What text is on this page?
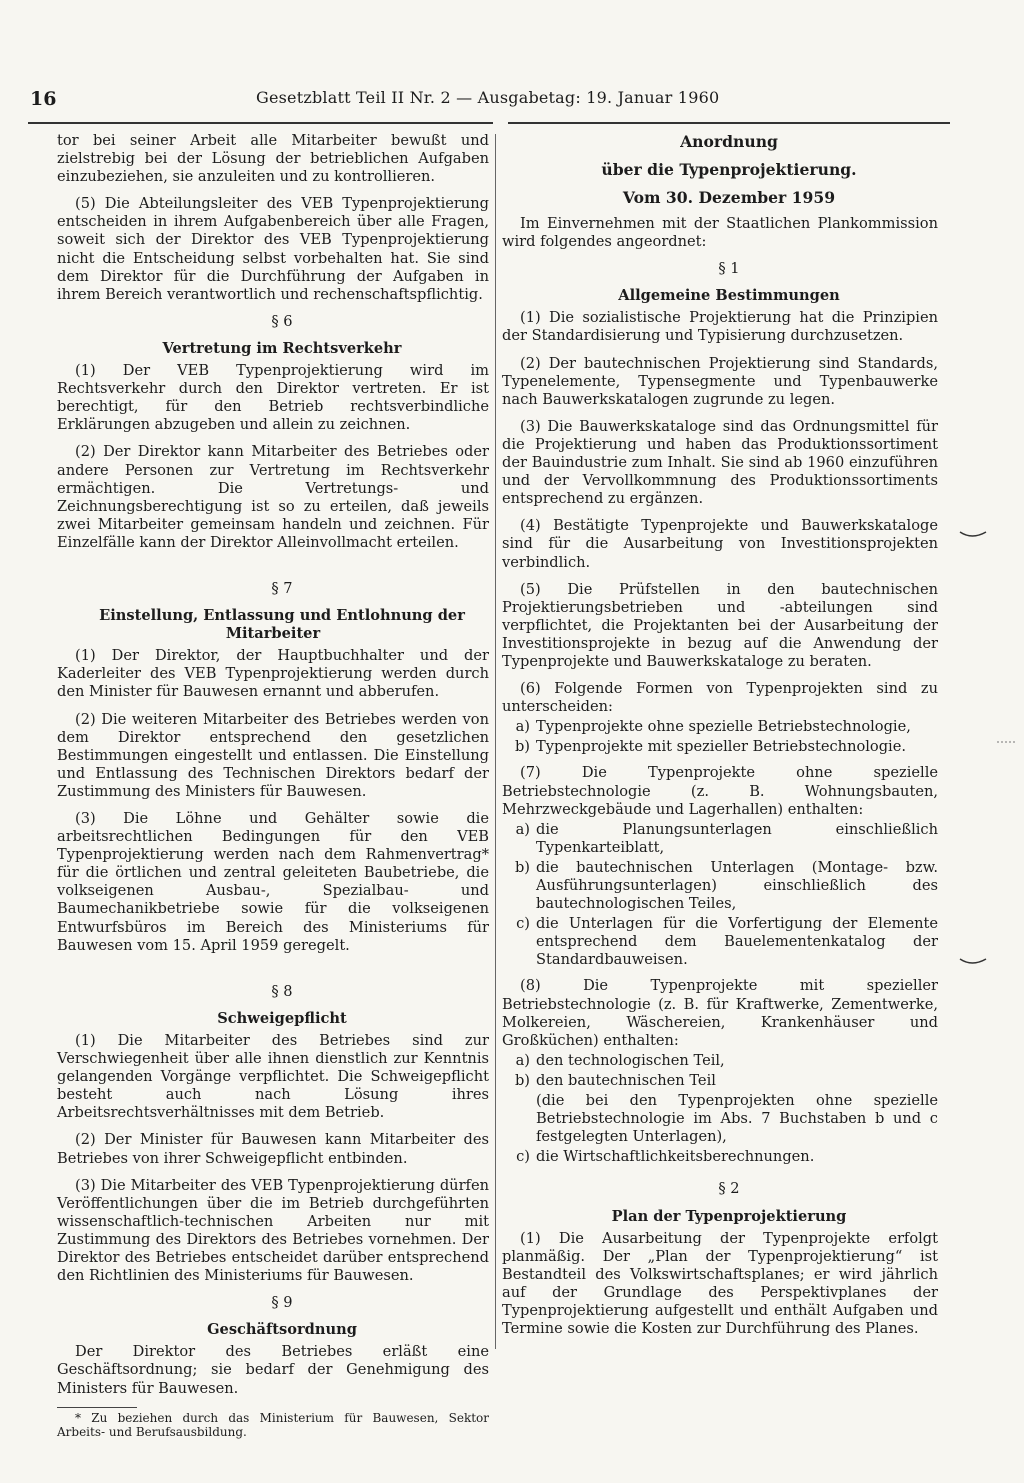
16	Gesetzblatt Teil II Nr. 2 — Ausgabetag: 19. Januar 1960

tor bei seiner Arbeit alle Mitarbeiter bewußt und zielstrebig bei der Lösung der betrieblichen Aufgaben einzubeziehen, sie anzuleiten und zu kontrollieren.

(5) Die Abteilungsleiter des VEB Typenprojektierung entscheiden in ihrem Aufgabenbereich über alle Fragen, soweit sich der Direktor des VEB Typenprojektierung nicht die Entscheidung selbst vorbehalten hat. Sie sind dem Direktor für die Durchführung der Aufgaben in ihrem Bereich verantwortlich und rechenschaftspflichtig.

§ 6

Vertretung im Rechtsverkehr

(1) Der VEB Typenprojektierung wird im Rechtsverkehr durch den Direktor vertreten. Er ist berechtigt, für den Betrieb rechtsverbindliche Erklärungen abzugeben und allein zu zeichnen.

(2) Der Direktor kann Mitarbeiter des Betriebes oder andere Personen zur Vertretung im Rechtsverkehr ermächtigen. Die Vertretungs- und Zeichnungsberechtigung ist so zu erteilen, daß jeweils zwei Mitarbeiter gemeinsam handeln und zeichnen. Für Einzelfälle kann der Direktor Alleinvollmacht erteilen.

§ 7

Einstellung, Entlassung und Entlohnung der Mitarbeiter

(1) Der Direktor, der Hauptbuchhalter und der Kaderleiter des VEB Typenprojektierung werden durch den Minister für Bauwesen ernannt und abberufen.

(2) Die weiteren Mitarbeiter des Betriebes werden von dem Direktor entsprechend den gesetzlichen Bestimmungen eingestellt und entlassen. Die Einstellung und Entlassung des Technischen Direktors bedarf der Zustimmung des Ministers für Bauwesen.

(3) Die Löhne und Gehälter sowie die arbeitsrechtlichen Bedingungen für den VEB Typenprojektierung werden nach dem Rahmenvertrag* für die örtlichen und zentral geleiteten Baubetriebe, die volkseigenen Ausbau-, Spezialbau- und Baumechanikbetriebe sowie für die volkseigenen Entwurfsbüros im Bereich des Ministeriums für Bauwesen vom 15. April 1959 geregelt.

§ 8

Schweigepflicht

(1) Die Mitarbeiter des Betriebes sind zur Verschwiegenheit über alle ihnen dienstlich zur Kenntnis gelangenden Vorgänge verpflichtet. Die Schweigepflicht besteht auch nach Lösung ihres Arbeitsrechtsverhältnisses mit dem Betrieb.

(2) Der Minister für Bauwesen kann Mitarbeiter des Betriebes von ihrer Schweigepflicht entbinden.

(3) Die Mitarbeiter des VEB Typenprojektierung dürfen Veröffentlichungen über die im Betrieb durchgeführten wissenschaftlich-technischen Arbeiten nur mit Zustimmung des Direktors des Betriebes vornehmen. Der Direktor des Betriebes entscheidet darüber entsprechend den Richtlinien des Ministeriums für Bauwesen.

§ 9

Geschäftsordnung

Der Direktor des Betriebes erläßt eine Geschäftsordnung; sie bedarf der Genehmigung des Ministers für Bauwesen.

* Zu beziehen durch das Ministerium für Bauwesen, Sektor Arbeits- und Berufsausbildung.

Anordnung

über die Typenprojektierung.

Vom 30. Dezember 1959

Im Einvernehmen mit der Staatlichen Plankommission wird folgendes angeordnet:

§ 1

Allgemeine Bestimmungen

(1) Die sozialistische Projektierung hat die Prinzipien der Standardisierung und Typisierung durchzusetzen.

(2) Der bautechnischen Projektierung sind Standards, Typenelemente, Typensegmente und Typenbauwerke nach Bauwerkskatalogen zugrunde zu legen.

(3) Die Bauwerkskataloge sind das Ordnungsmittel für die Projektierung und haben das Produktionssortiment der Bauindustrie zum Inhalt. Sie sind ab 1960 einzuführen und der Vervollkommnung des Produktionssortiments entsprechend zu ergänzen.

(4) Bestätigte Typenprojekte und Bauwerkskataloge sind für die Ausarbeitung von Investitionsprojekten verbindlich.

(5) Die Prüfstellen in den bautechnischen Projektierungsbetrieben und -abteilungen sind verpflichtet, die Projektanten bei der Ausarbeitung der Investitionsprojekte in bezug auf die Anwendung der Typenprojekte und Bauwerkskataloge zu beraten.

(6) Folgende Formen von Typenprojekten sind zu unterscheiden:

a) Typenprojekte ohne spezielle Betriebstechnologie,
b) Typenprojekte mit spezieller Betriebstechnologie.

(7) Die Typenprojekte ohne spezielle Betriebstechnologie (z. B. Wohnungsbauten, Mehrzweckgebäude und Lagerhallen) enthalten:

a) die Planungsunterlagen einschließlich Typenkarteiblatt,
b) die bautechnischen Unterlagen (Montage- bzw. Ausführungsunterlagen) einschließlich des bautechnologischen Teiles,
c) die Unterlagen für die Vorfertigung der Elemente entsprechend dem Bauelementenkatalog der Standardbauweisen.

(8) Die Typenprojekte mit spezieller Betriebstechnologie (z. B. für Kraftwerke, Zementwerke, Molkereien, Wäschereien, Krankenhäuser und Großküchen) enthalten:

a) den technologischen Teil,
b) den bautechnischen Teil
(die bei den Typenprojekten ohne spezielle Betriebstechnologie im Abs. 7 Buchstaben b und c festgelegten Unterlagen),
c) die Wirtschaftlichkeitsberechnungen.

§ 2

Plan der Typenprojektierung

(1) Die Ausarbeitung der Typenprojekte erfolgt planmäßig. Der „Plan der Typenprojektierung“ ist Bestandteil des Volkswirtschaftsplanes; er wird jährlich auf der Grundlage des Perspektivplanes der Typenprojektierung aufgestellt und enthält Aufgaben und Termine sowie die Kosten zur Durchführung des Planes.
